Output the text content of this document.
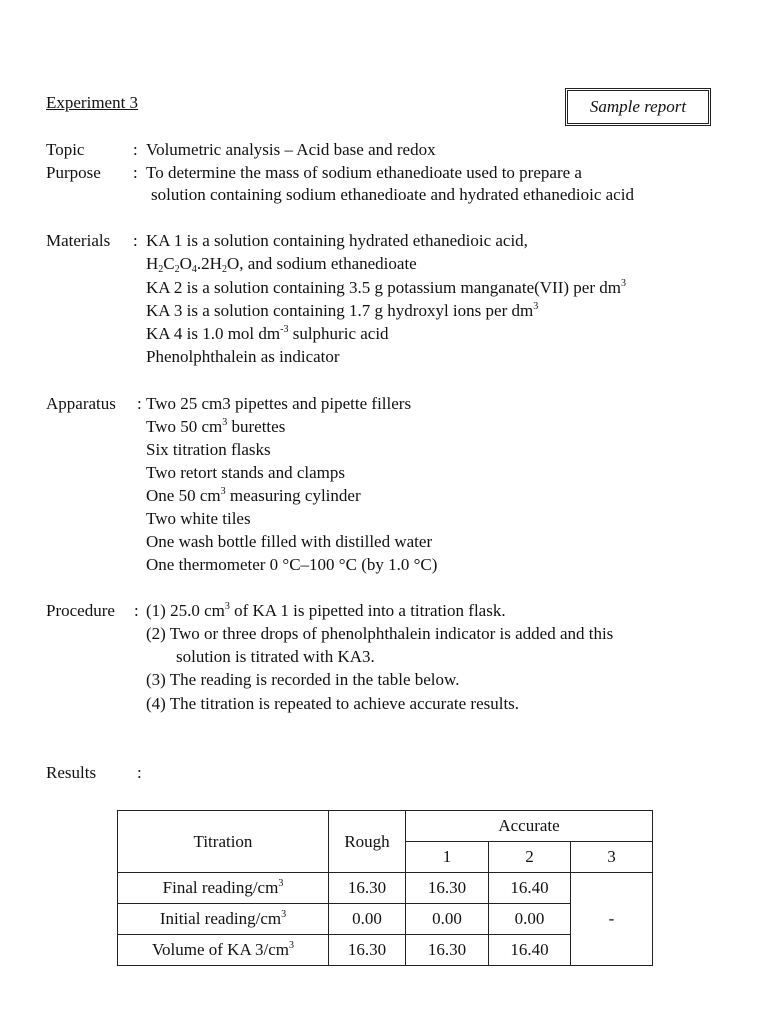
Experiment 3	Sample report
Topic	: Volumetric analysis – Acid base and redox
Purpose : To determine the mass of sodium ethanedioate used to prepare a
solution containing sodium ethanedioate and hydrated ethanedioic acid
Materials : KA 1 is a solution containing hydrated ethanedioic acid,
$H_2C_2O_4.2H_2O$, and sodium ethanedioate
KA 2 is a solution containing 3.5 g potassium manganate(VII) per $dm^3$
KA 3 is a solution containing 1.7 g hydroxyl ions per $dm^3$
KA 4 is 1.0 mol $dm^{-3}$ sulphuric acid
Phenolphthalein as indicator
Apparatus : Two 25 cm3 pipettes and pipette fillers
Two 50 $cm^3$ burettes
Six titration flasks
Two retort stands and clamps
One 50 $cm^3$ measuring cylinder
Two white tiles
One wash bottle filled with distilled water
One thermometer 0 °C–100 °C (by 1.0 °C)
Procedure : (1) 25.0 $cm^3$ of KA 1 is pipetted into a titration flask.
(2) Two or three drops of phenolphthalein indicator is added and this
solution is titrated with KA3.
(3) The reading is recorded in the table below.
(4) The titration is repeated to achieve accurate results.
Results :
Titration	Rough	Accurate		
		1	2	3
Final reading/$cm^3$	16.30	16.30	16.40	-
Initial reading/$cm^3$	0.00	0.00	0.00	
Volume of KA $3/cm^3$	16.30	16.30	16.40	
